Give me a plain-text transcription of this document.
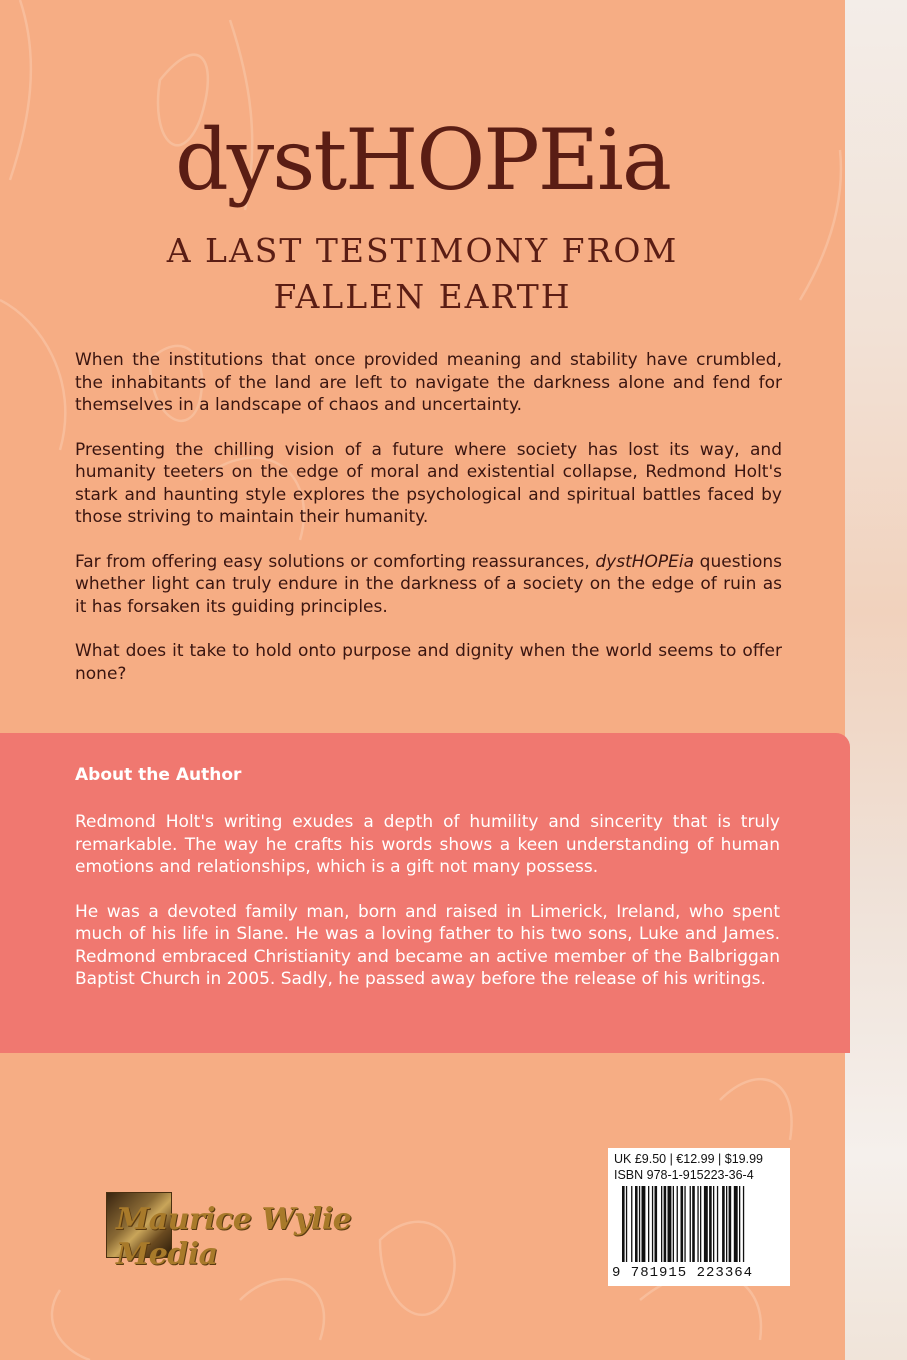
dystHOPEia
A LAST TESTIMONY FROM
FALLEN EARTH

When the institutions that once provided meaning and stability have crumbled, the inhabitants of the land are left to navigate the darkness alone and fend for themselves in a landscape of chaos and uncertainty.

Presenting the chilling vision of a future where society has lost its way, and humanity teeters on the edge of moral and existential collapse, Redmond Holt's stark and haunting style explores the psychological and spiritual battles faced by those striving to maintain their humanity.

Far from offering easy solutions or comforting reassurances, dystHOPEia questions whether light can truly endure in the darkness of a society on the edge of ruin as it has forsaken its guiding principles.

What does it take to hold onto purpose and dignity when the world seems to offer none?

About the Author

Redmond Holt's writing exudes a depth of humility and sincerity that is truly remarkable. The way he crafts his words shows a keen understanding of human emotions and relationships, which is a gift not many possess.

He was a devoted family man, born and raised in Limerick, Ireland, who spent much of his life in Slane. He was a loving father to his two sons, Luke and James. Redmond embraced Christianity and became an active member of the Balbriggan Baptist Church in 2005. Sadly, he passed away before the release of his writings.

Maurice Wylie Media
UK £9.50 | €12.99 | $19.99
ISBN 978-1-915223-36-4
9 781915 223364
